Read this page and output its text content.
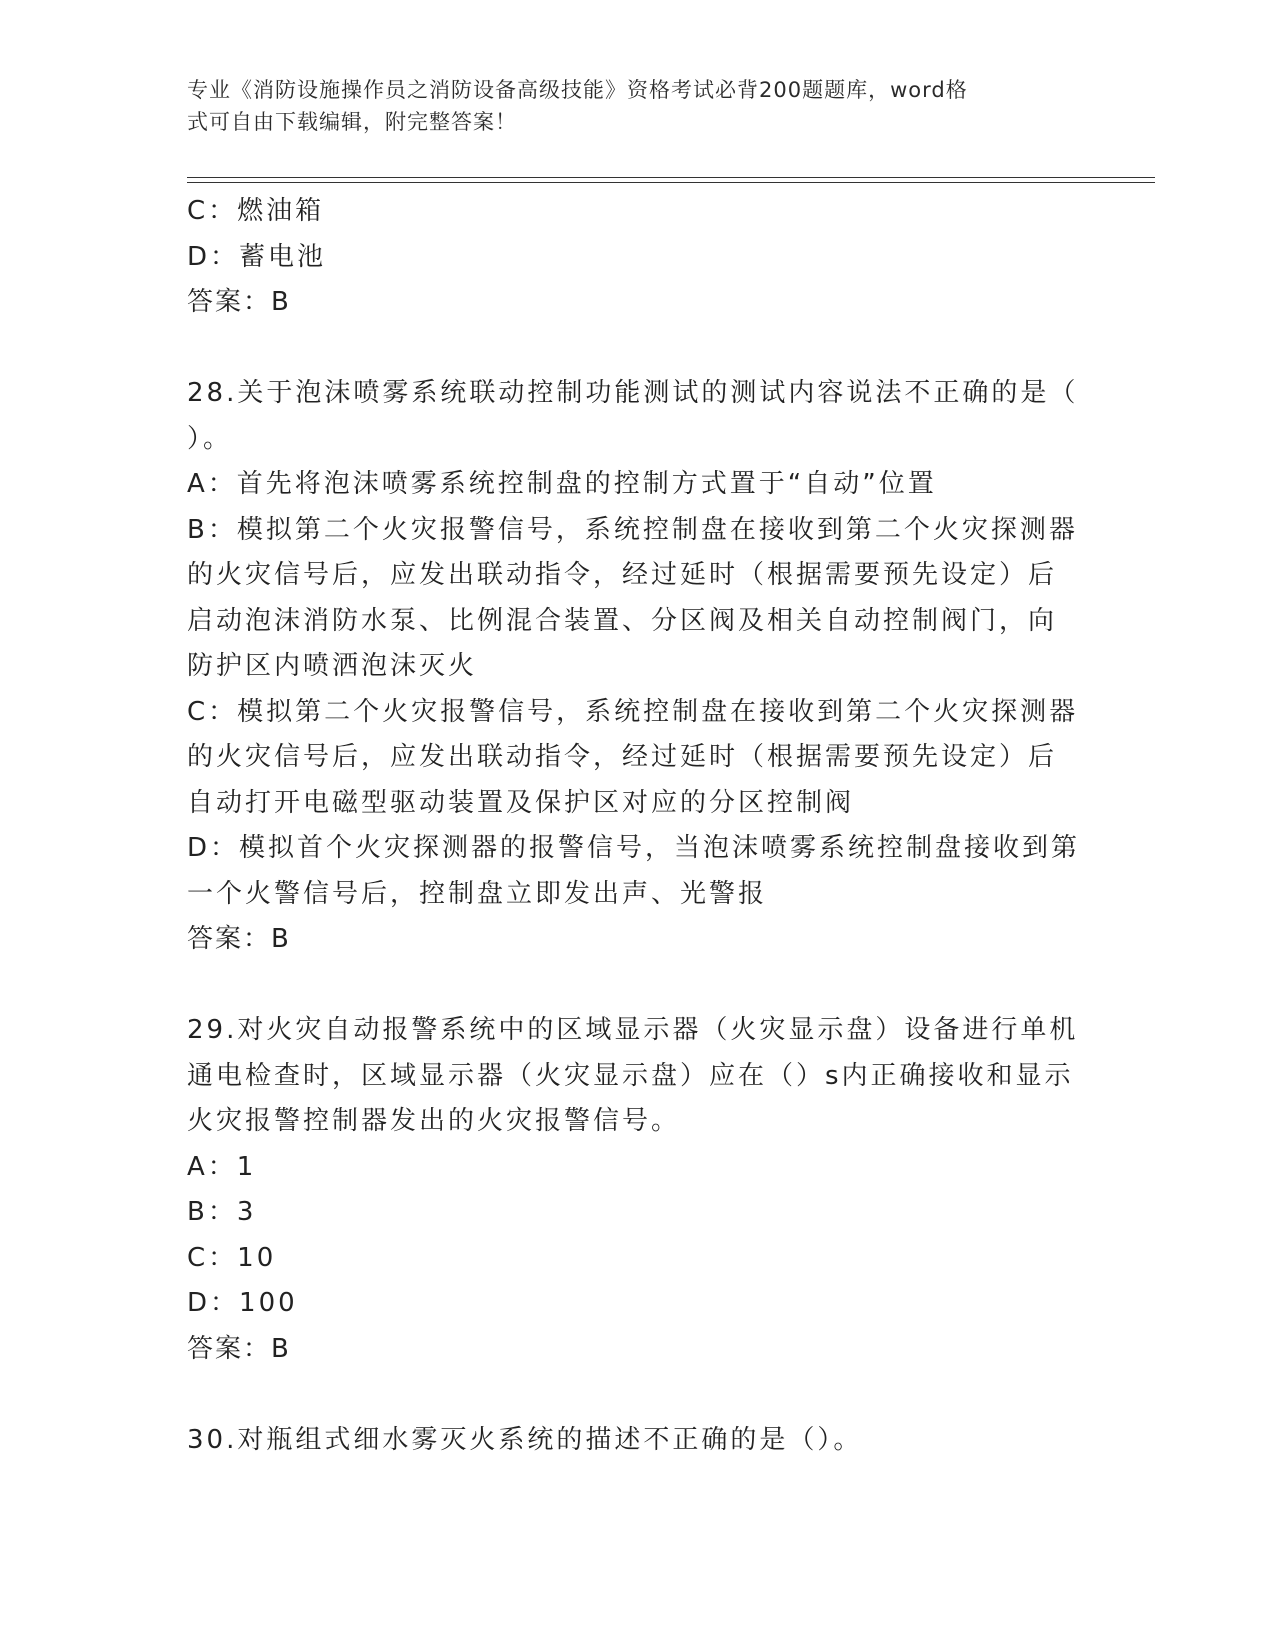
专业《消防设施操作员之消防设备高级技能》资格考试必背200题题库，word格
式可自由下载编辑，附完整答案！
C：燃油箱
D：蓄电池
答案：B
28.关于泡沫喷雾系统联动控制功能测试的测试内容说法不正确的是（
）。
A：首先将泡沫喷雾系统控制盘的控制方式置于“自动”位置
B：模拟第二个火灾报警信号，系统控制盘在接收到第二个火灾探测器
的火灾信号后，应发出联动指令，经过延时（根据需要预先设定）后
启动泡沫消防水泵、比例混合装置、分区阀及相关自动控制阀门，向
防护区内喷洒泡沫灭火
C：模拟第二个火灾报警信号，系统控制盘在接收到第二个火灾探测器
的火灾信号后，应发出联动指令，经过延时（根据需要预先设定）后
自动打开电磁型驱动装置及保护区对应的分区控制阀
D：模拟首个火灾探测器的报警信号，当泡沫喷雾系统控制盘接收到第
一个火警信号后，控制盘立即发出声、光警报
答案：B
29.对火灾自动报警系统中的区域显示器（火灾显示盘）设备进行单机
通电检查时，区域显示器（火灾显示盘）应在（）s内正确接收和显示
火灾报警控制器发出的火灾报警信号。
A：1
B：3
C：10
D：100
答案：B
30.对瓶组式细水雾灭火系统的描述不正确的是（）。
